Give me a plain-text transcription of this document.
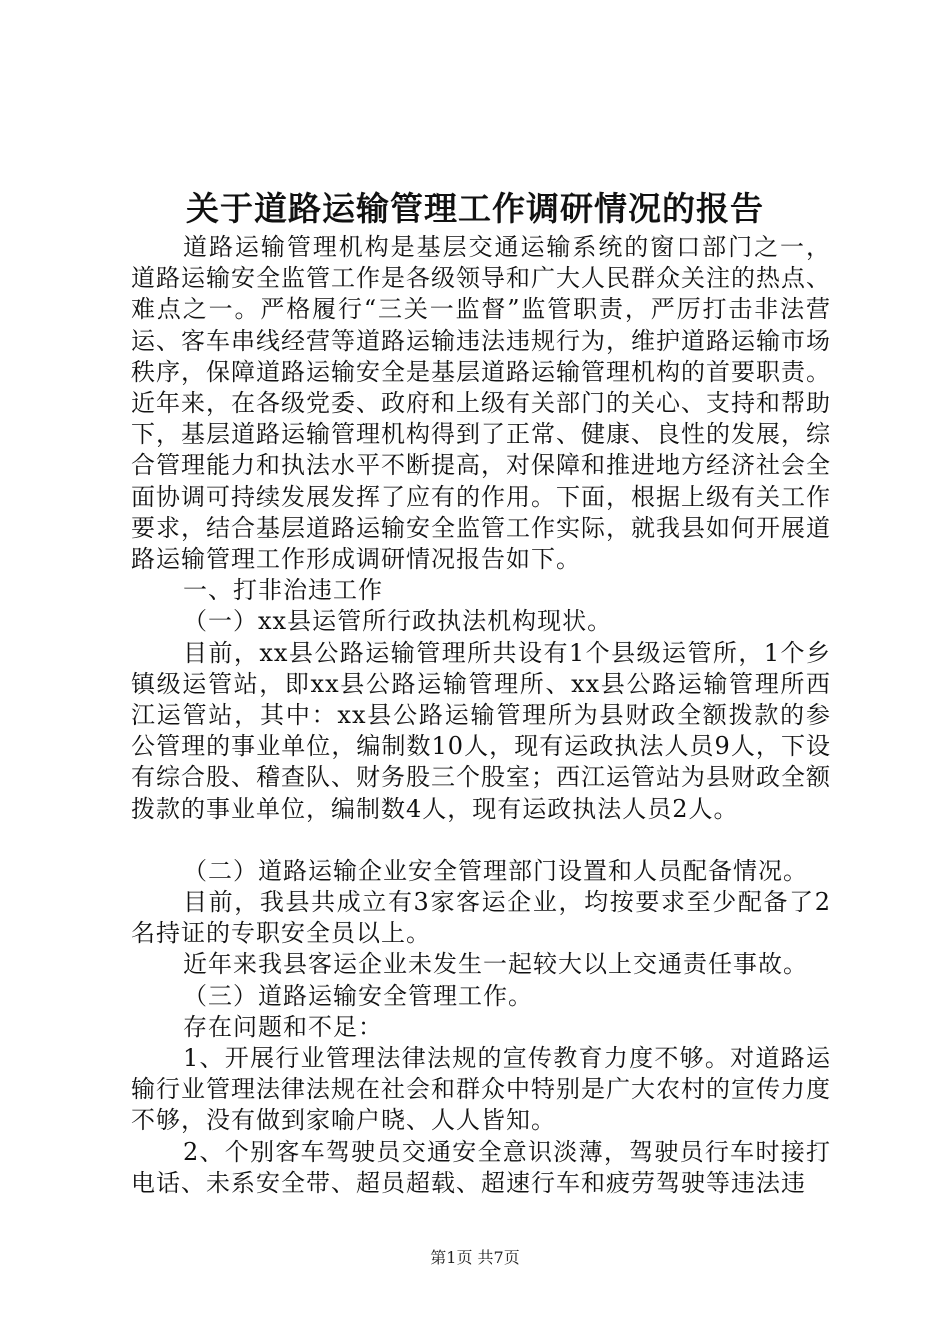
关于道路运输管理工作调研情况的报告

道路运输管理机构是基层交通运输系统的窗口部门之一，道路运输安全监管工作是各级领导和广大人民群众关注的热点、难点之一。严格履行“三关一监督”监管职责，严厉打击非法营运、客车串线经营等道路运输违法违规行为，维护道路运输市场秩序，保障道路运输安全是基层道路运输管理机构的首要职责。近年来，在各级党委、政府和上级有关部门的关心、支持和帮助下，基层道路运输管理机构得到了正常、健康、良性的发展，综合管理能力和执法水平不断提高，对保障和推进地方经济社会全面协调可持续发展发挥了应有的作用。下面，根据上级有关工作要求，结合基层道路运输安全监管工作实际，就我县如何开展道路运输管理工作形成调研情况报告如下。

一、打非治违工作

（一）xx县运管所行政执法机构现状。

目前，xx县公路运输管理所共设有1个县级运管所，1个乡镇级运管站，即xx县公路运输管理所、xx县公路运输管理所西江运管站，其中：xx县公路运输管理所为县财政全额拨款的参公管理的事业单位，编制数10人，现有运政执法人员9人，下设有综合股、稽查队、财务股三个股室；西江运管站为县财政全额拨款的事业单位，编制数4人，现有运政执法人员2人。

（二）道路运输企业安全管理部门设置和人员配备情况。

目前，我县共成立有3家客运企业，均按要求至少配备了2名持证的专职安全员以上。

近年来我县客运企业未发生一起较大以上交通责任事故。

（三）道路运输安全管理工作。

存在问题和不足：

1、开展行业管理法律法规的宣传教育力度不够。对道路运输行业管理法律法规在社会和群众中特别是广大农村的宣传力度不够，没有做到家喻户晓、人人皆知。

2、个别客车驾驶员交通安全意识淡薄，驾驶员行车时接打电话、未系安全带、超员超载、超速行车和疲劳驾驶等违法违

第1页 共7页
